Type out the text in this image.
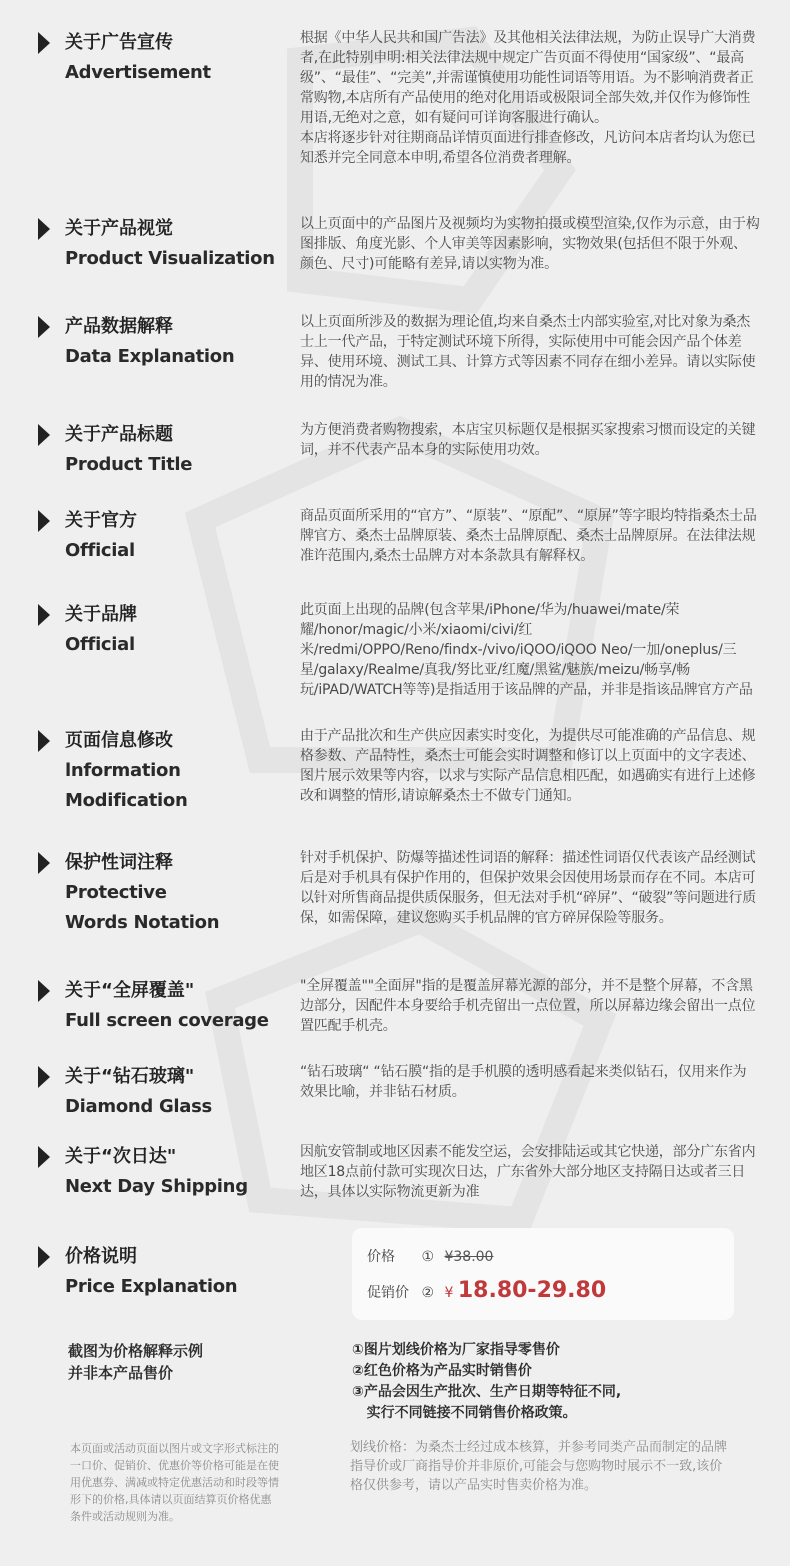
关于广告宣传
Advertisement
根据《中华人民共和国广告法》及其他相关法律法规，为防止误导广大消费者,在此特别申明:相关法律法规中规定广告页面不得使用“国家级”、“最高级”、“最佳”、“完美”,并需谨慎使用功能性词语等用语。为不影响消费者正常购物,本店所有产品使用的绝对化用语或极限词全部失效,并仅作为修饰性用语,无绝对之意，如有疑问可详询客服进行确认。
本店将逐步针对往期商品详情页面进行排查修改，凡访问本店者均认为您已知悉并完全同意本申明,希望各位消费者理解。
关于产品视觉
Product Visualization
以上页面中的产品图片及视频均为实物拍摄或模型渲染,仅作为示意，由于构图排版、角度光影、个人审美等因素影响，实物效果(包括但不限于外观、颜色、尺寸)可能略有差异,请以实物为准。
产品数据解释
Data Explanation
以上页面所涉及的数据为理论值,均来自桑杰士内部实验室,对比对象为桑杰士上一代产品，于特定测试环境下所得，实际使用中可能会因产品个体差异、使用环境、测试工具、计算方式等因素不同存在细小差异。请以实际使用的情况为准。
关于产品标题
Product Title
为方便消费者购物搜索，本店宝贝标题仅是根据买家搜索习惯而设定的关键词，并不代表产品本身的实际使用功效。
关于官方
Official
商品页面所采用的“官方”、“原装”、“原配”、“原屏”等字眼均特指桑杰士品牌官方、桑杰士品牌原装、桑杰士品牌原配、桑杰士品牌原屏。在法律法规准许范围内,桑杰士品牌方对本条款具有解释权。
关于品牌
Official
此页面上出现的品牌(包含苹果/iPhone/华为/huawei/mate/荣耀/honor/magic/小米/xiaomi/civi/红米/redmi/OPPO/Reno/findx-/vivo/iQOO/iQOO Neo/一加/oneplus/三星/galaxy/Realme/真我/努比亚/红魔/黑鲨/魅族/meizu/畅享/畅玩/iPAD/WATCH等等)是指适用于该品牌的产品，并非是指该品牌官方产品
页面信息修改
lnformation Modification
由于产品批次和生产供应因素实时变化，为提供尽可能准确的产品信息、规格参数、产品特性，桑杰士可能会实时调整和修订以上页面中的文字表述、图片展示效果等内容，以求与实际产品信息相匹配，如遇确实有进行上述修改和调整的情形,请谅解桑杰士不做专门通知。
保护性词注释
Protective Words Notation
针对手机保护、防爆等描述性词语的解释：描述性词语仅代表该产品经测试后是对手机具有保护作用的，但保护效果会因使用场景而存在不同。本店可以针对所售商品提供质保服务，但无法对手机“碎屏”、“破裂”等问题进行质保，如需保障，建议您购买手机品牌的官方碎屏保险等服务。
关于“全屏覆盖"
Full screen coverage
"全屏覆盖""全面屏"指的是覆盖屏幕光源的部分，并不是整个屏幕，不含黑边部分，因配件本身要给手机壳留出一点位置，所以屏幕边缘会留出一点位置匹配手机壳。
关于“钻石玻璃"
Diamond Glass
“钻石玻璃“ “钻石膜“指的是手机膜的透明感看起来类似钻石，仅用来作为效果比喻，并非钻石材质。
关于“次日达"
Next Day Shipping
因航安管制或地区因素不能发空运，会安排陆运或其它快递，部分广东省内地区18点前付款可实现次日达，广东省外大部分地区支持隔日达或者三日达，具体以实际物流更新为准
价格说明
Price Explanation
价格 ① ¥38.00
促销价 ② ¥ 18.80-29.80
截图为价格解释示例
并非本产品售价
①图片划线价格为厂家指导零售价
②红色价格为产品实时销售价
③产品会因生产批次、生产日期等特征不同,
实行不同链接不同销售价格政策。
本页面或活动页面以图片或文字形式标注的一口价、促销价、优惠价等价格可能是在使用优惠券、满减或特定优惠活动和时段等情形下的价格,具体请以页面结算页价格优惠条件或活动规则为准。
划线价格：为桑杰士经过成本核算，并参考同类产品而制定的品牌指导价或厂商指导价并非原价,可能会与您购物时展示不一致,该价格仅供参考，请以产品实时售卖价格为准。
